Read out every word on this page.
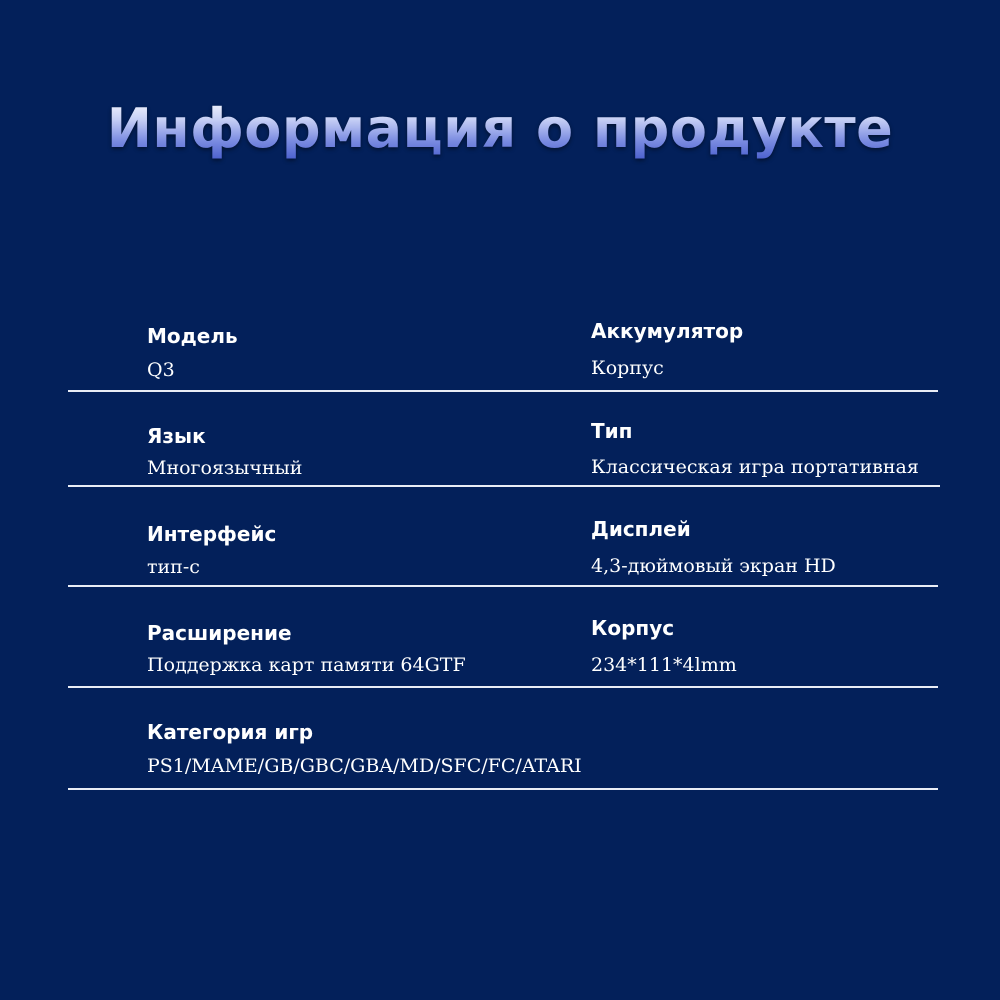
Информация о продукте
Модель
Q3
Аккумулятор
Корпус
Язык
Многоязычный
Тип
Классическая игра портативная
Интерфейс
тип-с
Дисплей
4,3-дюймовый экран HD
Расширение
Поддержка карт памяти 64GTF
Корпус
234*111*4lmm
Категория игр
PS1/MAME/GB/GBC/GBA/MD/SFC/FC/ATARI
